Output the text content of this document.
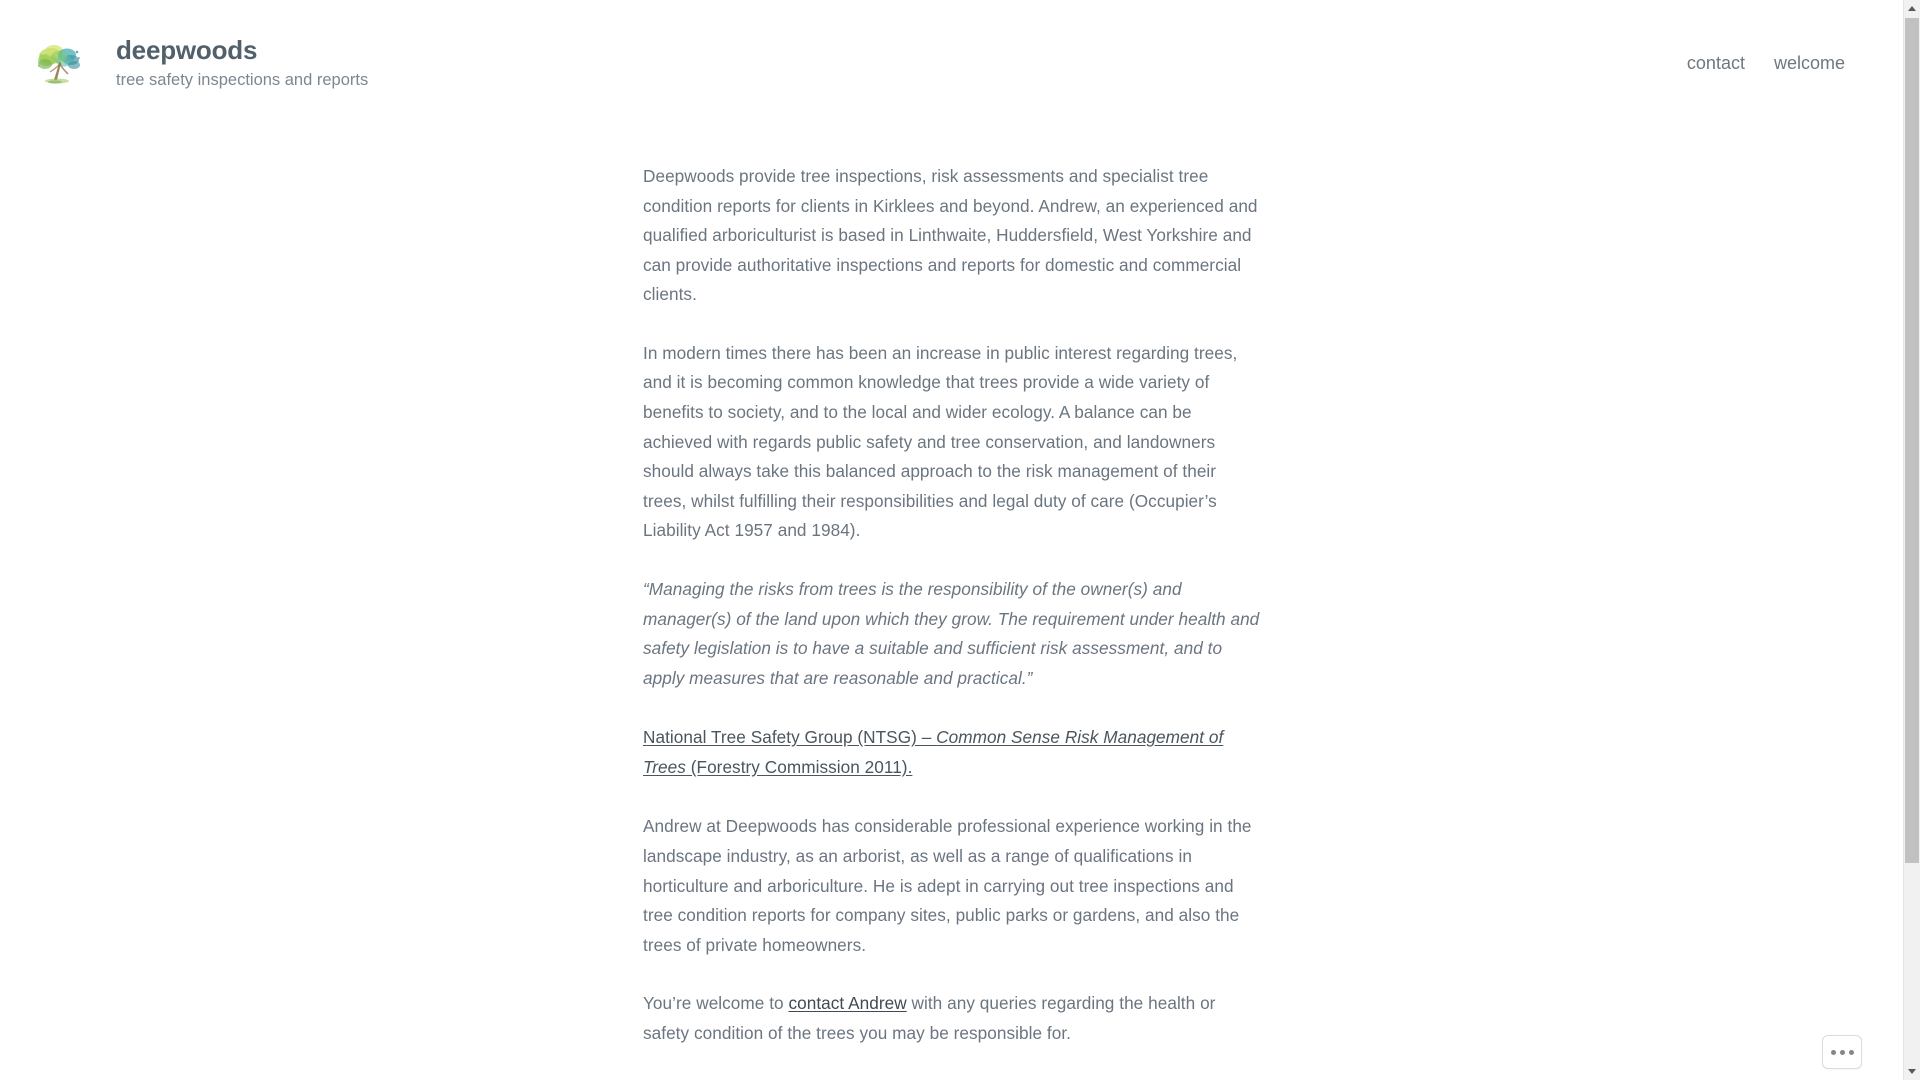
deepwoods

tree safety inspections and reports

contact welcome

Deepwoods provide tree inspections, risk assessments and specialist tree condition reports for clients in Kirklees and beyond. Andrew, an experienced and qualified arboriculturist is based in Linthwaite, Huddersfield, West Yorkshire and can provide authoritative inspections and reports for domestic and commercial clients.

In modern times there has been an increase in public interest regarding trees, and it is becoming common knowledge that trees provide a wide variety of benefits to society, and to the local and wider ecology. A balance can be achieved with regards public safety and tree conservation, and landowners should always take this balanced approach to the risk management of their trees, whilst fulfilling their responsibilities and legal duty of care (Occupier’s Liability Act 1957 and 1984).

“Managing the risks from trees is the responsibility of the owner(s) and manager(s) of the land upon which they grow. The requirement under health and safety legislation is to have a suitable and sufficient risk assessment, and to apply measures that are reasonable and practical.”

National Tree Safety Group (NTSG) – Common Sense Risk Management of Trees (Forestry Commission 2011).

Andrew at Deepwoods has considerable professional experience working in the landscape industry, as an arborist, as well as a range of qualifications in horticulture and arboriculture. He is adept in carrying out tree inspections and tree condition reports for company sites, public parks or gardens, and also the trees of private homeowners.

You’re welcome to contact Andrew with any queries regarding the health or safety condition of the trees you may be responsible for.
